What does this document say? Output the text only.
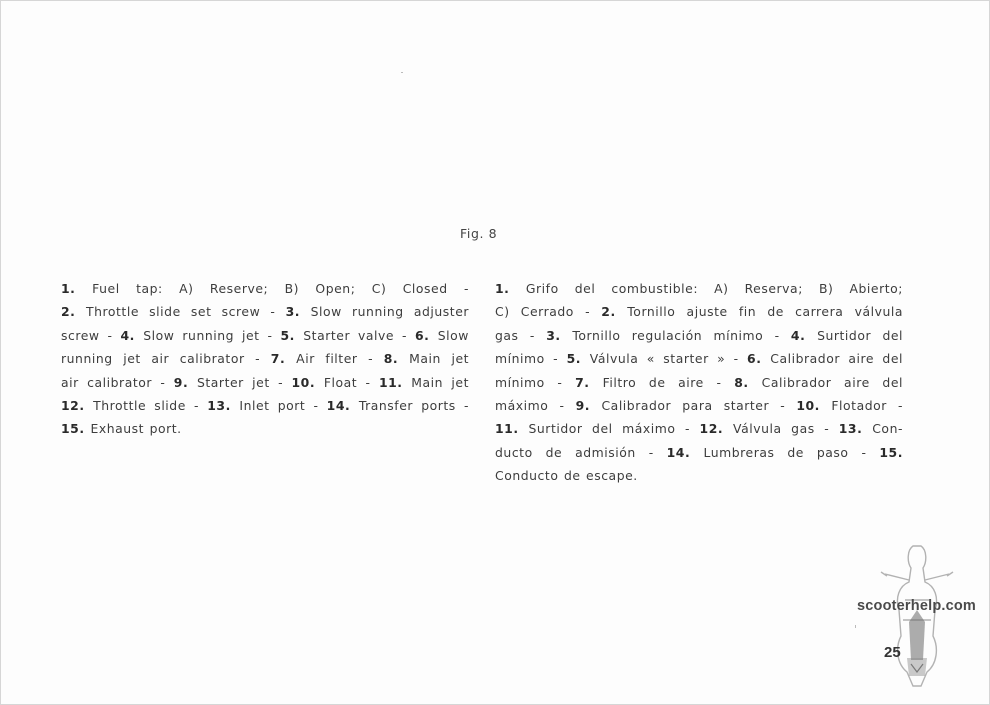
Fig. 8
1. Fuel tap: A) Reserve; B) Open; C) Closed -
2. Throttle slide set screw - 3. Slow running adjuster
screw - 4. Slow running jet - 5. Starter valve - 6. Slow
running jet air calibrator - 7. Air filter - 8. Main jet
air calibrator - 9. Starter jet - 10. Float - 11. Main jet
12. Throttle slide - 13. Inlet port - 14. Transfer ports -
15. Exhaust port.
1. Grifo del combustible: A) Reserva; B) Abierto;
C) Cerrado - 2. Tornillo ajuste fin de carrera válvula
gas - 3. Tornillo regulación mínimo - 4. Surtidor del
mínimo - 5. Válvula « starter » - 6. Calibrador aire del
mínimo - 7. Filtro de aire - 8. Calibrador aire del
máximo - 9. Calibrador para starter - 10. Flotador -
11. Surtidor del máximo - 12. Válvula gas - 13. Con-
ducto de admisión - 14. Lumbreras de paso - 15.
Conducto de escape.
scooterhelp.com
25
